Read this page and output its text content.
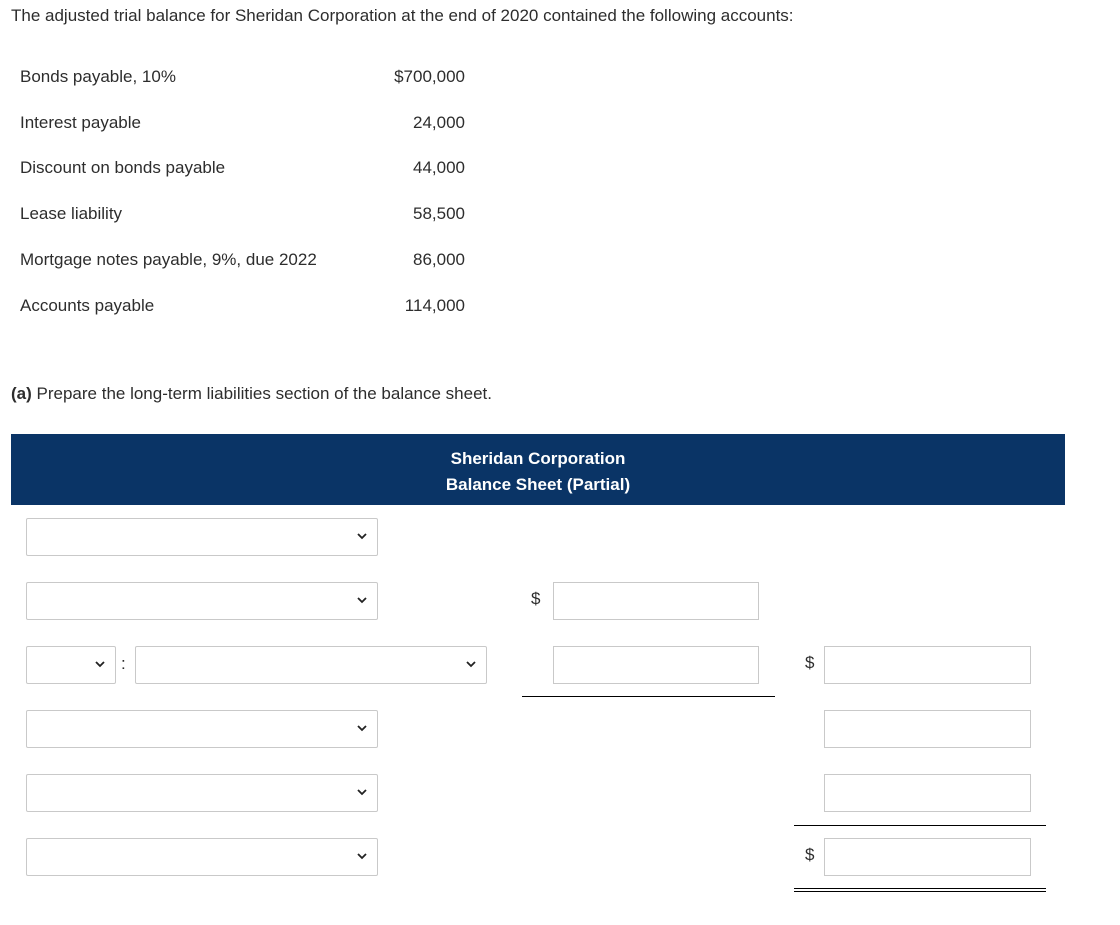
The adjusted trial balance for Sheridan Corporation at the end of 2020 contained the following accounts:
Bonds payable, 10%	$700,000
Interest payable	24,000
Discount on bonds payable	44,000
Lease liability	58,500
Mortgage notes payable, 9%, due 2022	86,000
Accounts payable	114,000
(a) Prepare the long-term liabilities section of the balance sheet.
Sheridan Corporation
Balance Sheet (Partial)
$
:	$
$
